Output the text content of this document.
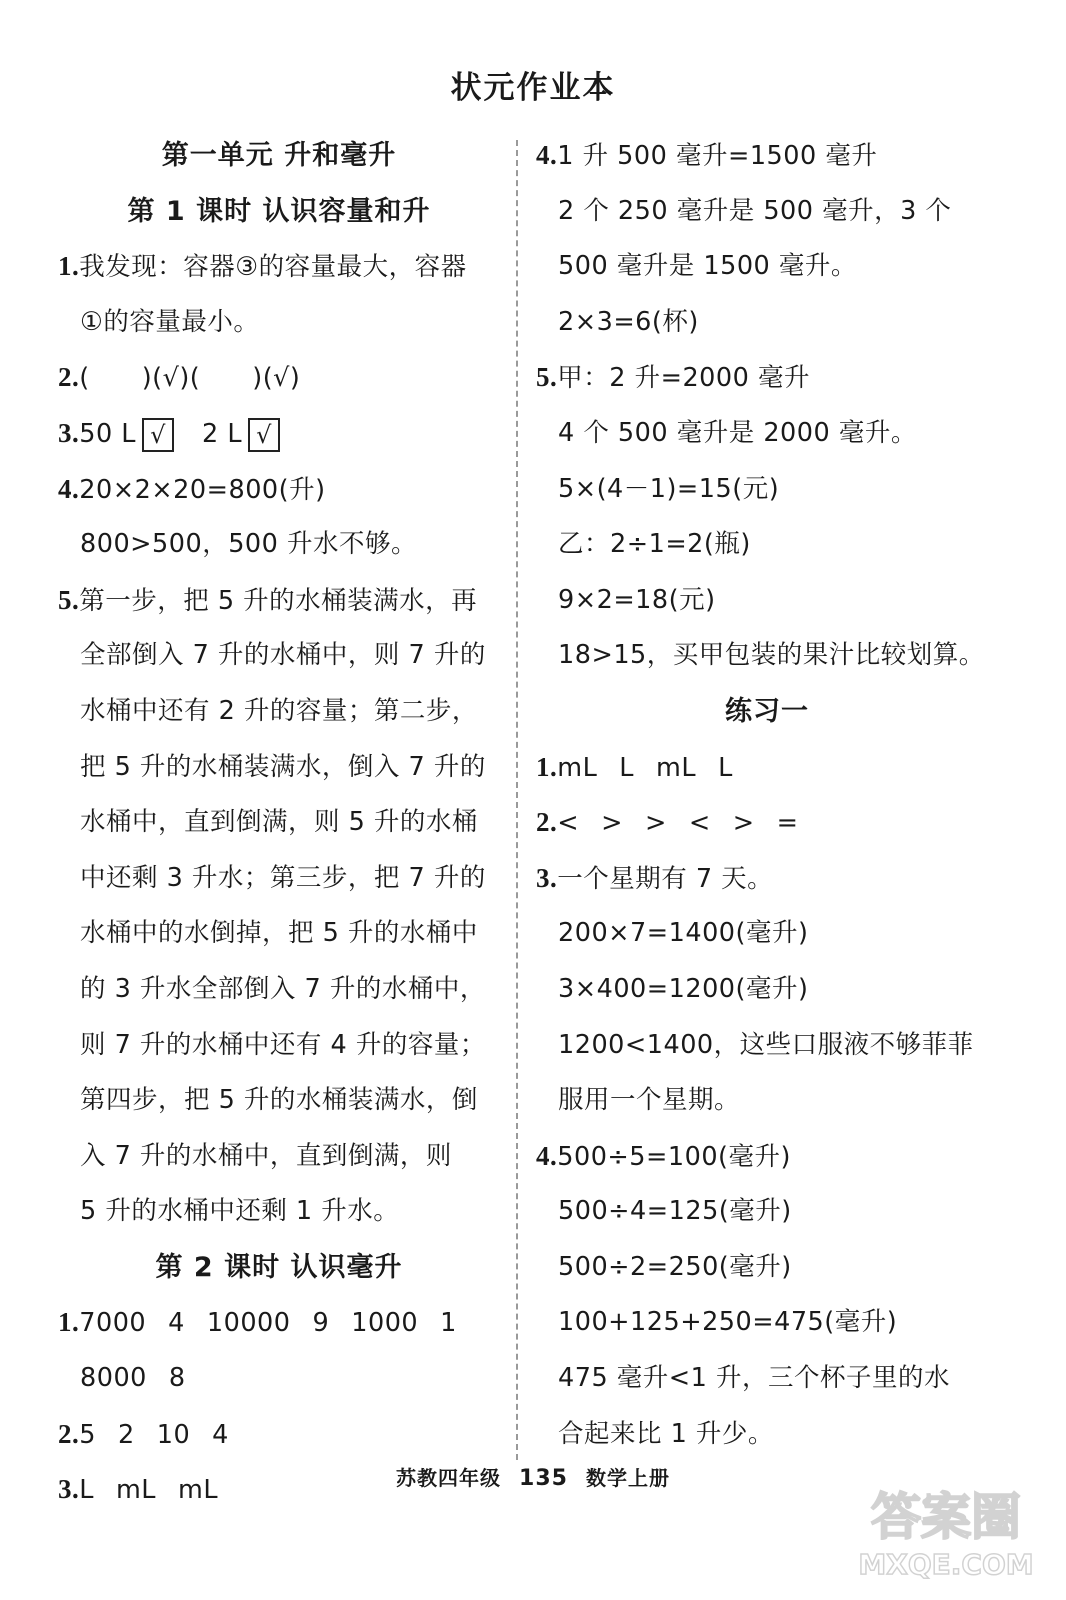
状元作业本
第一单元 升和毫升
第 1 课时 认识容量和升
1.我发现：容器③的容量最大，容器
①的容量最小。
2.(　　)(√)(　　)(√)
3.50 L √ 2 L √
4.20×2×20=800(升)
800>500，500 升水不够。
5.第一步，把 5 升的水桶装满水，再
全部倒入 7 升的水桶中，则 7 升的
水桶中还有 2 升的容量；第二步，
把 5 升的水桶装满水，倒入 7 升的
水桶中，直到倒满，则 5 升的水桶
中还剩 3 升水；第三步，把 7 升的
水桶中的水倒掉，把 5 升的水桶中
的 3 升水全部倒入 7 升的水桶中，
则 7 升的水桶中还有 4 升的容量；
第四步，把 5 升的水桶装满水，倒
入 7 升的水桶中，直到倒满，则
5 升的水桶中还剩 1 升水。
第 2 课时 认识毫升
1.7000 4 10000 9 1000 1
8000 8
2.5 2 10 4
3.L mL mL
4.1 升 500 毫升=1500 毫升
2 个 250 毫升是 500 毫升，3 个
500 毫升是 1500 毫升。
2×3=6(杯)
5.甲：2 升=2000 毫升
4 个 500 毫升是 2000 毫升。
5×(4－1)=15(元)
乙：2÷1=2(瓶)
9×2=18(元)
18>15，买甲包装的果汁比较划算。
练习一
1.mL L mL L
2.< > > < > =
3.一个星期有 7 天。
200×7=1400(毫升)
3×400=1200(毫升)
1200<1400，这些口服液不够菲菲
服用一个星期。
4.500÷5=100(毫升)
500÷4=125(毫升)
500÷2=250(毫升)
100+125+250=475(毫升)
475 毫升<1 升，三个杯子里的水
合起来比 1 升少。
苏教四年级 135 数学上册
答案圈
MXQE.COM
